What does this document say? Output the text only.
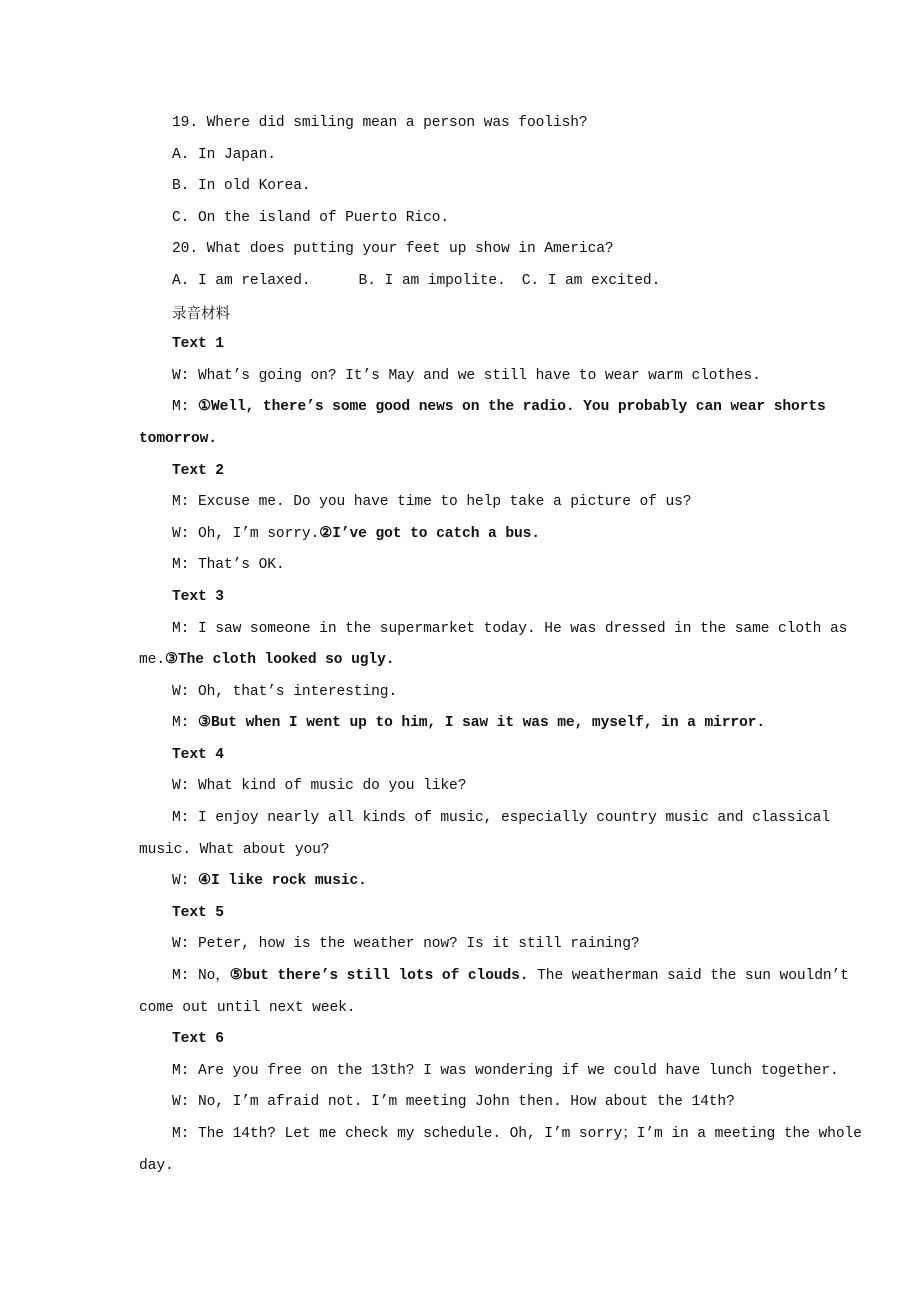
19. Where did smiling mean a person was foolish?
A. In Japan.
B. In old Korea.
C. On the island of Puerto Rico.
20. What does putting your feet up show in America?
A. I am relaxed.	B. I am impolite. C. I am excited.
录音材料
Text 1
W: What’s going on? It’s May and we still have to wear warm clothes.
M: ①Well, there’s some good news on the radio. You probably can wear shorts
tomorrow.
Text 2
M: Excuse me. Do you have time to help take a picture of us?
W: Oh, I’m sorry.②I’ve got to catch a bus.
M: That’s OK.
Text 3
M: I saw someone in the supermarket today. He was dressed in the same cloth as
me.③The cloth looked so ugly.
W: Oh, that’s interesting.
M: ③But when I went up to him, I saw it was me, myself, in a mirror.
Text 4
W: What kind of music do you like?
M: I enjoy nearly all kinds of music, especially country music and classical
music. What about you?
W: ④I like rock music.
Text 5
W: Peter, how is the weather now? Is it still raining?
M: No，⑤but there’s still lots of clouds. The weatherman said the sun wouldn’t
come out until next week.
Text 6
M: Are you free on the 13th? I was wondering if we could have lunch together.
W: No, I’m afraid not. I’m meeting John then. How about the 14th?
M: The 14th? Let me check my schedule. Oh, I’m sorry；I’m in a meeting the whole
day.
